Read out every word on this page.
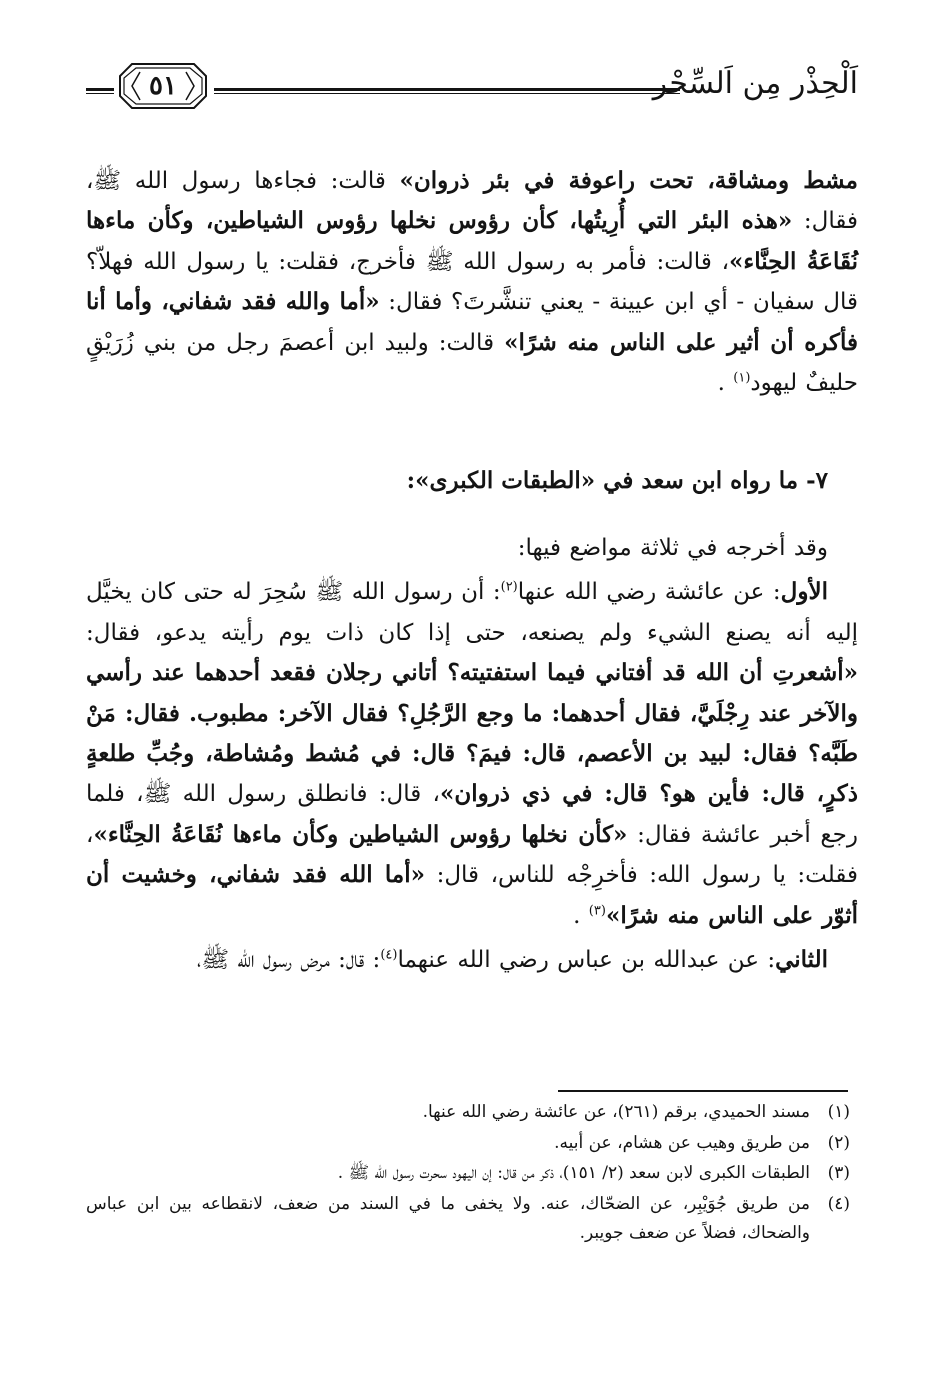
اَلْحِذْر مِن اَلسِّحْر
٥١

مشط ومشاقة، تحت راعوفة في بئر ذروان» قالت: فجاءها رسول الله ﷺ، فقال: «هذه البئر التي أُرِيتُها، كأن رؤوس نخلها رؤوس الشياطين، وكأن ماءها نُقَاعَةُ الحِنَّاء»، قالت: فأمر به رسول الله ﷺ فأخرج، فقلت: يا رسول الله فهلاّ؟ قال سفيان - أي ابن عيينة - يعني تنشَّرتَ؟ فقال: «أما والله فقد شفاني، وأما أنا فأكره أن أثير على الناس منه شرًا» قالت: ولبيد ابن أعصمَ رجل من بني زُرَيْقٍ حليفٌ ليهود$^{(١)}$ .

٧- ما رواه ابن سعد في «الطبقات الكبرى»:

وقد أخرجه في ثلاثة مواضع فيها:

الأول: عن عائشة رضي الله عنها$^{(٢)}$: أن رسول الله ﷺ سُحِرَ له حتى كان يخيَّل إليه أنه يصنع الشيء ولم يصنعه، حتى إذا كان ذات يوم رأيته يدعو، فقال: «أشعرتِ أن الله قد أفتاني فيما استفتيته؟ أتاني رجلان فقعد أحدهما عند رأسي والآخر عند رِجْلَيَّ، فقال أحدهما: ما وجع الرَّجُلِ؟ فقال الآخر: مطبوب. فقال: مَنْ طَبَّه؟ فقال: لبيد بن الأعصم، قال: فيمَ؟ قال: في مُشط ومُشاطة، وجُبِّ طلعةٍ ذكرٍ، قال: فأين هو؟ قال: في ذي ذروان»، قال: فانطلق رسول الله ﷺ، فلما رجع أخبر عائشة فقال: «كأن نخلها رؤوس الشياطين وكأن ماءها نُقَاعَةُ الحِنَّاء»، فقلت: يا رسول الله: فأخرِجْه للناس، قال: «أما الله فقد شفاني، وخشيت أن أثوّر على الناس منه شرًا»$^{(٣)}$ .

الثاني: عن عبدالله بن عباس رضي الله عنهما$^{(٤)}$: قال: مرض رسول الله ﷺ،

(١)
مسند الحميدي، برقم (٢٦١)، عن عائشة رضي الله عنها.
(٢)
من طريق وهيب عن هشام، عن أبيه.
(٣)
الطبقات الكبرى لابن سعد (٢/ ١٥١)، ذكر من قال: إن اليهود سحرت رسول الله ﷺ .
(٤)
من طريق جُوَيْبِر، عن الضحّاك، عنه. ولا يخفى ما في السند من ضعف، لانقطاعه بين ابن عباس والضحاك، فضلاً عن ضعف جويبر.
